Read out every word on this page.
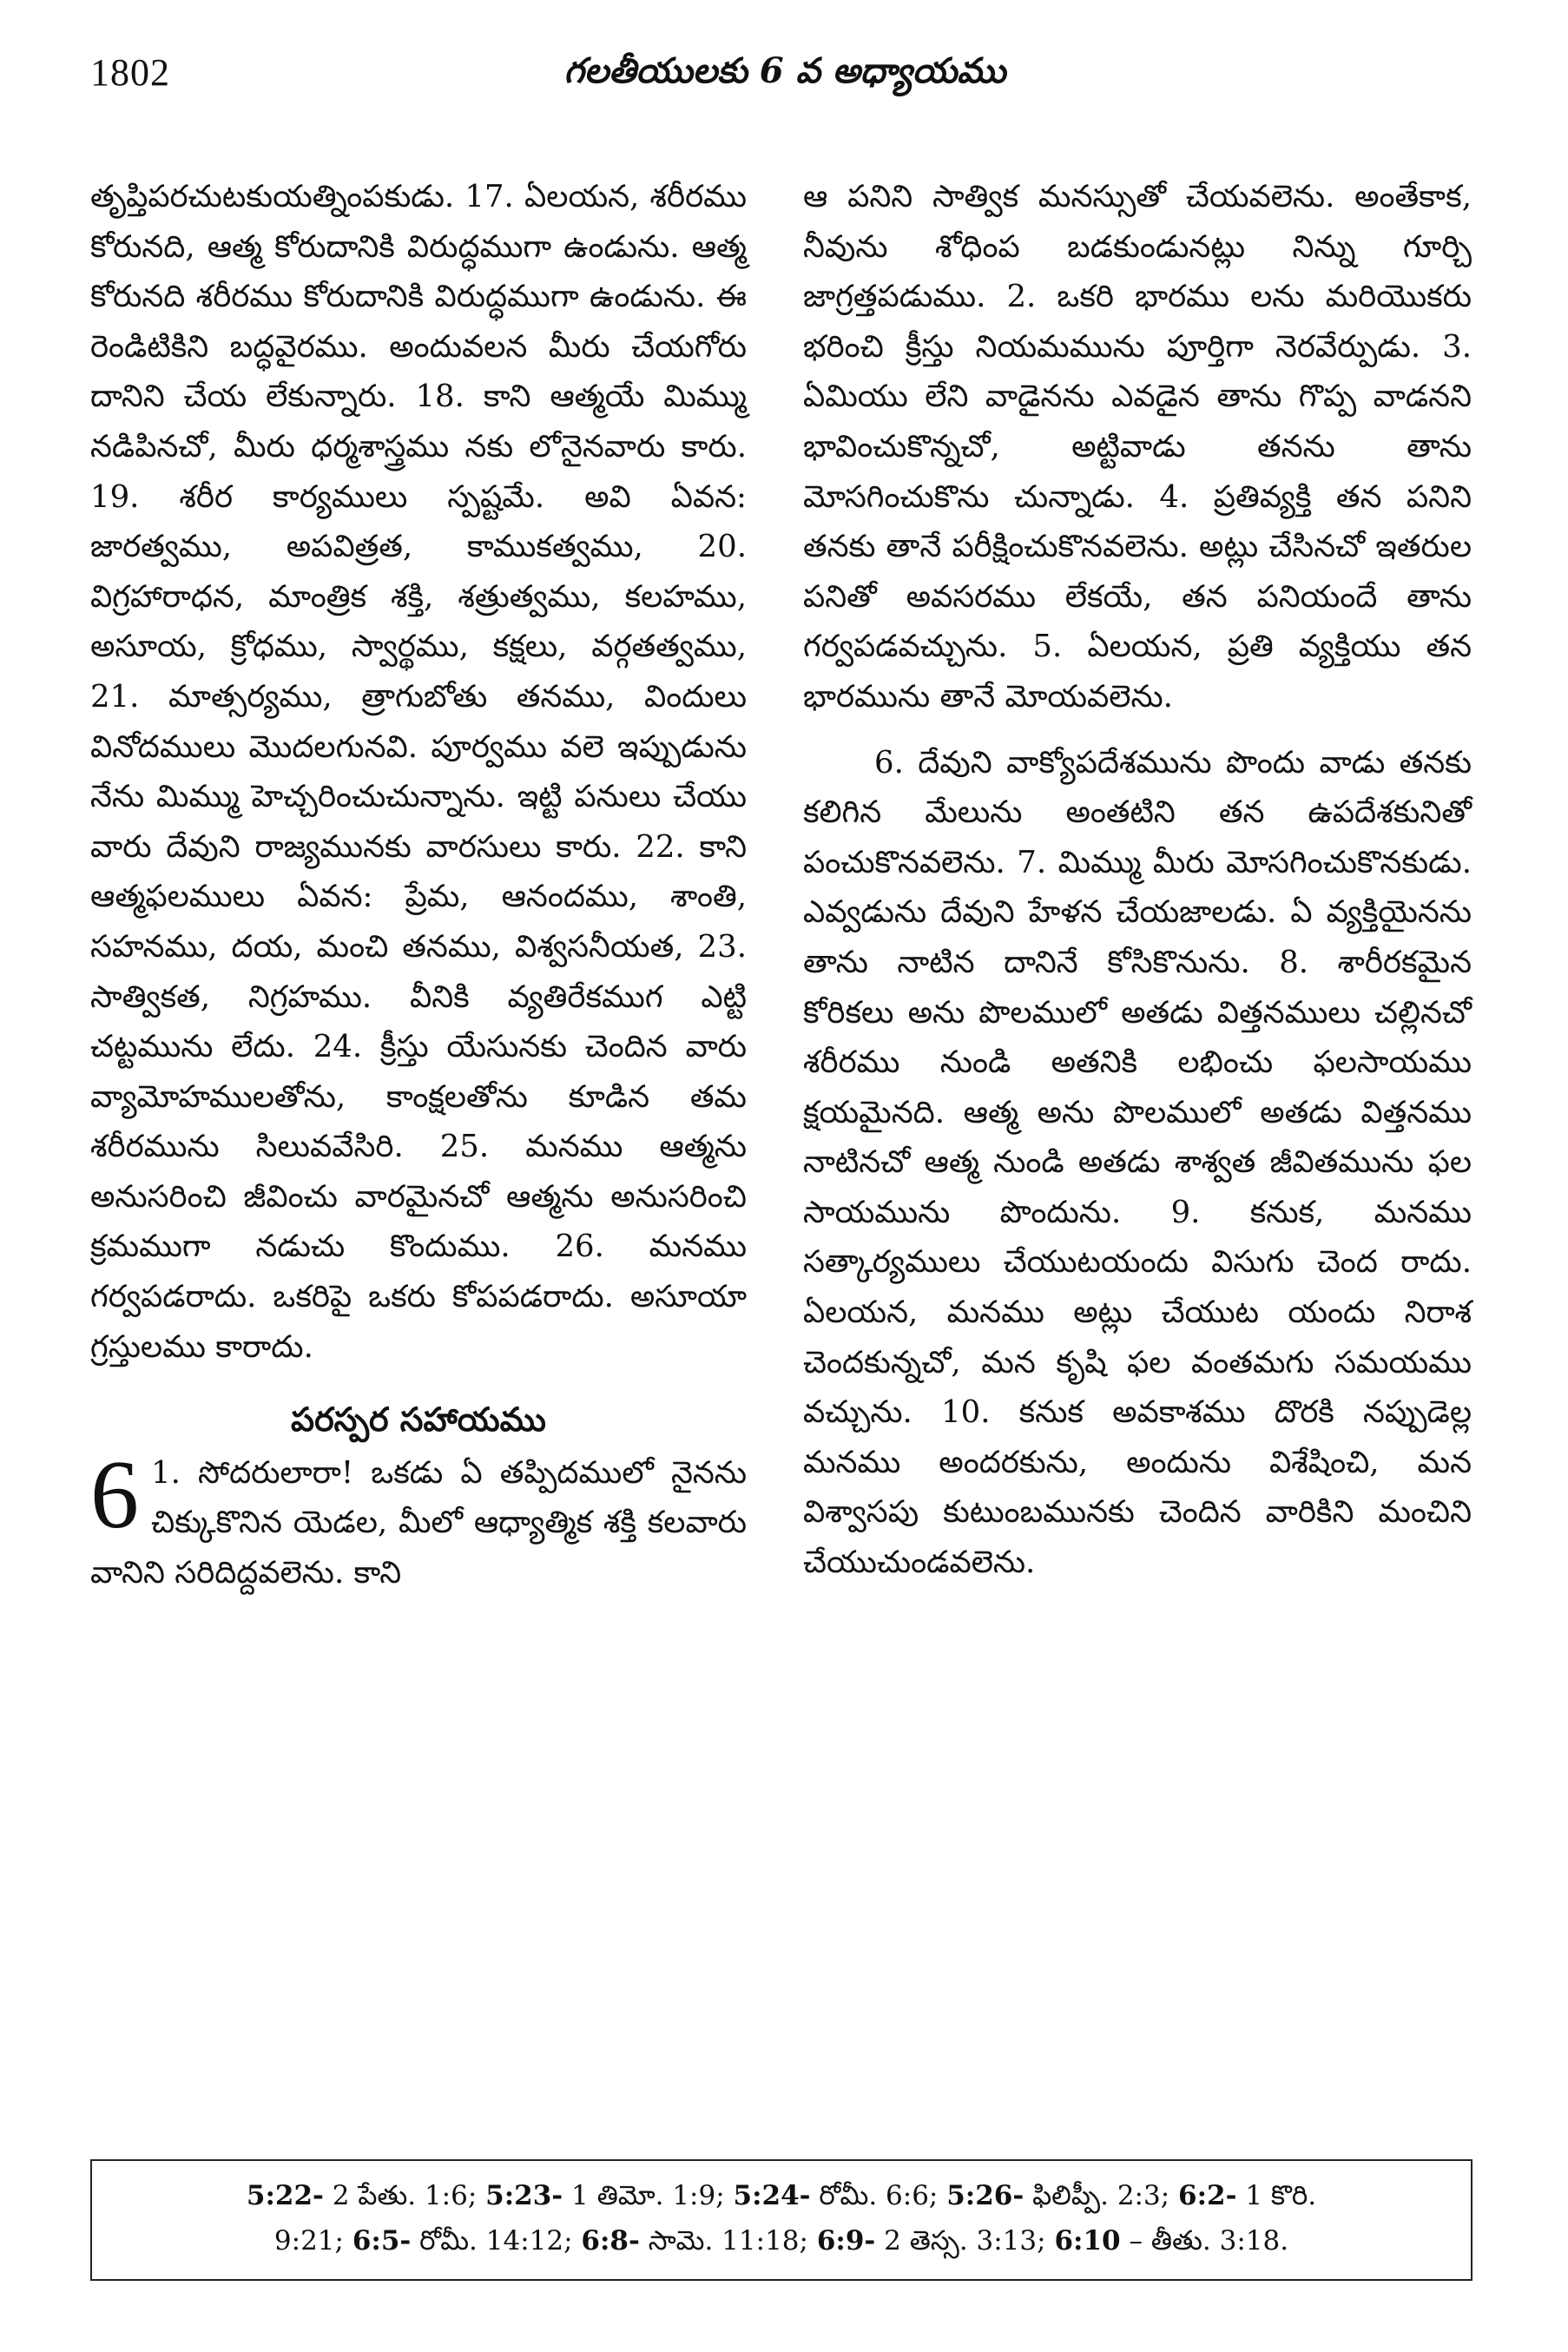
1802	గలతీయులకు 6 వ అధ్యాయము

తృప్తిపరచుటకుయత్నింపకుడు. 17. ఏలయన, శరీరము కోరునది, ఆత్మ కోరుదానికి విరుద్ధముగా ఉండును. ఆత్మ కోరునది శరీరము కోరుదానికి విరుద్ధముగా ఉండును. ఈ రెండిటికిని బద్ధవైరము. అందువలన మీరు చేయగోరు దానిని చేయ లేకున్నారు. 18. కాని ఆత్మయే మిమ్ము నడిపినచో, మీరు ధర్మశాస్త్రము నకు లోనైనవారు కారు. 19. శరీర కార్యములు స్పష్టమే. అవి ఏవన: జారత్వము, అపవిత్రత, కాముకత్వము, 20. విగ్రహారాధన, మాంత్రిక శక్తి, శత్రుత్వము, కలహము, అసూయ, క్రోధము, స్వార్థము, కక్షలు, వర్గతత్వము, 21. మాత్సర్యము, త్రాగుబోతు తనము, విందులు వినోదములు మొదలగునవి. పూర్వము వలె ఇప్పుడును నేను మిమ్ము హెచ్చరించుచున్నాను. ఇట్టి పనులు చేయు వారు దేవుని రాజ్యమునకు వారసులు కారు. 22. కాని ఆత్మఫలములు ఏవన: ప్రేమ, ఆనందము, శాంతి, సహనము, దయ, మంచి తనము, విశ్వసనీయత, 23. సాత్వికత, నిగ్రహము. వీనికి వ్యతిరేకముగ ఎట్టి చట్టమును లేదు. 24. క్రీస్తు యేసునకు చెందిన వారు వ్యామోహములతోను, కాంక్షలతోను కూడిన తమ శరీరమును సిలువవేసిరి. 25. మనము ఆత్మను అనుసరించి జీవించు వారమైనచో ఆత్మను అనుసరించి క్రమముగా నడుచు కొందుము. 26. మనము గర్వపడరాదు. ఒకరిపై ఒకరు కోపపడరాదు. అసూయా గ్రస్తులము కారాదు.

పరస్పర సహాయము

6 1. సోదరులారా! ఒకడు ఏ తప్పిదములో నైనను చిక్కుకొనిన యెడల, మీలో ఆధ్యాత్మిక శక్తి కలవారు వానిని సరిదిద్దవలెను. కాని

ఆ పనిని సాత్విక మనస్సుతో చేయవలెను. అంతేకాక, నీవును శోధింప బడకుండునట్లు నిన్ను గూర్చి జాగ్రత్తపడుము. 2. ఒకరి భారము లను మరియొకరు భరించి క్రీస్తు నియమమును పూర్తిగా నెరవేర్పుడు. 3. ఏమియు లేని వాడైనను ఎవడైన తాను గొప్ప వాడనని భావించుకొన్నచో, అట్టివాడు తనను తాను మోసగించుకొను చున్నాడు. 4. ప్రతివ్యక్తి తన పనిని తనకు తానే పరీక్షించుకొనవలెను. అట్లు చేసినచో ఇతరుల పనితో అవసరము లేకయే, తన పనియందే తాను గర్వపడవచ్చును. 5. ఏలయన, ప్రతి వ్యక్తియు తన భారమును తానే మోయవలెను.

6. దేవుని వాక్యోపదేశమును పొందు వాడు తనకు కలిగిన మేలును అంతటిని తన ఉపదేశకునితో పంచుకొనవలెను. 7. మిమ్ము మీరు మోసగించుకొనకుడు. ఎవ్వడును దేవుని హేళన చేయజాలడు. ఏ వ్యక్తియైనను తాను నాటిన దానినే కోసికొనును. 8. శారీరకమైన కోరికలు అను పొలములో అతడు విత్తనములు చల్లినచో శరీరము నుండి అతనికి లభించు ఫలసాయము క్షయమైనది. ఆత్మ అను పొలములో అతడు విత్తనము నాటినచో ఆత్మ నుండి అతడు శాశ్వత జీవితమును ఫల సాయమును పొందును. 9. కనుక, మనము సత్కార్యములు చేయుటయందు విసుగు చెంద రాదు. ఏలయన, మనము అట్లు చేయుట యందు నిరాశ చెందకున్నచో, మన కృషి ఫల వంతమగు సమయము వచ్చును. 10. కనుక అవకాశము దొరకి నప్పుడెల్ల మనము అందరకును, అందును విశేషించి, మన విశ్వాసపు కుటుంబమునకు చెందిన వారికిని మంచిని చేయుచుండవలెను.

5:22- 2 పేతు. 1:6; 5:23- 1 తిమో. 1:9; 5:24- రోమీ. 6:6; 5:26- ఫిలిప్పీ. 2:3; 6:2- 1 కొరి.

9:21; 6:5- రోమీ. 14:12; 6:8- సామె. 11:18; 6:9- 2 తెస్స. 3:13; 6:10 – తీతు. 3:18.
